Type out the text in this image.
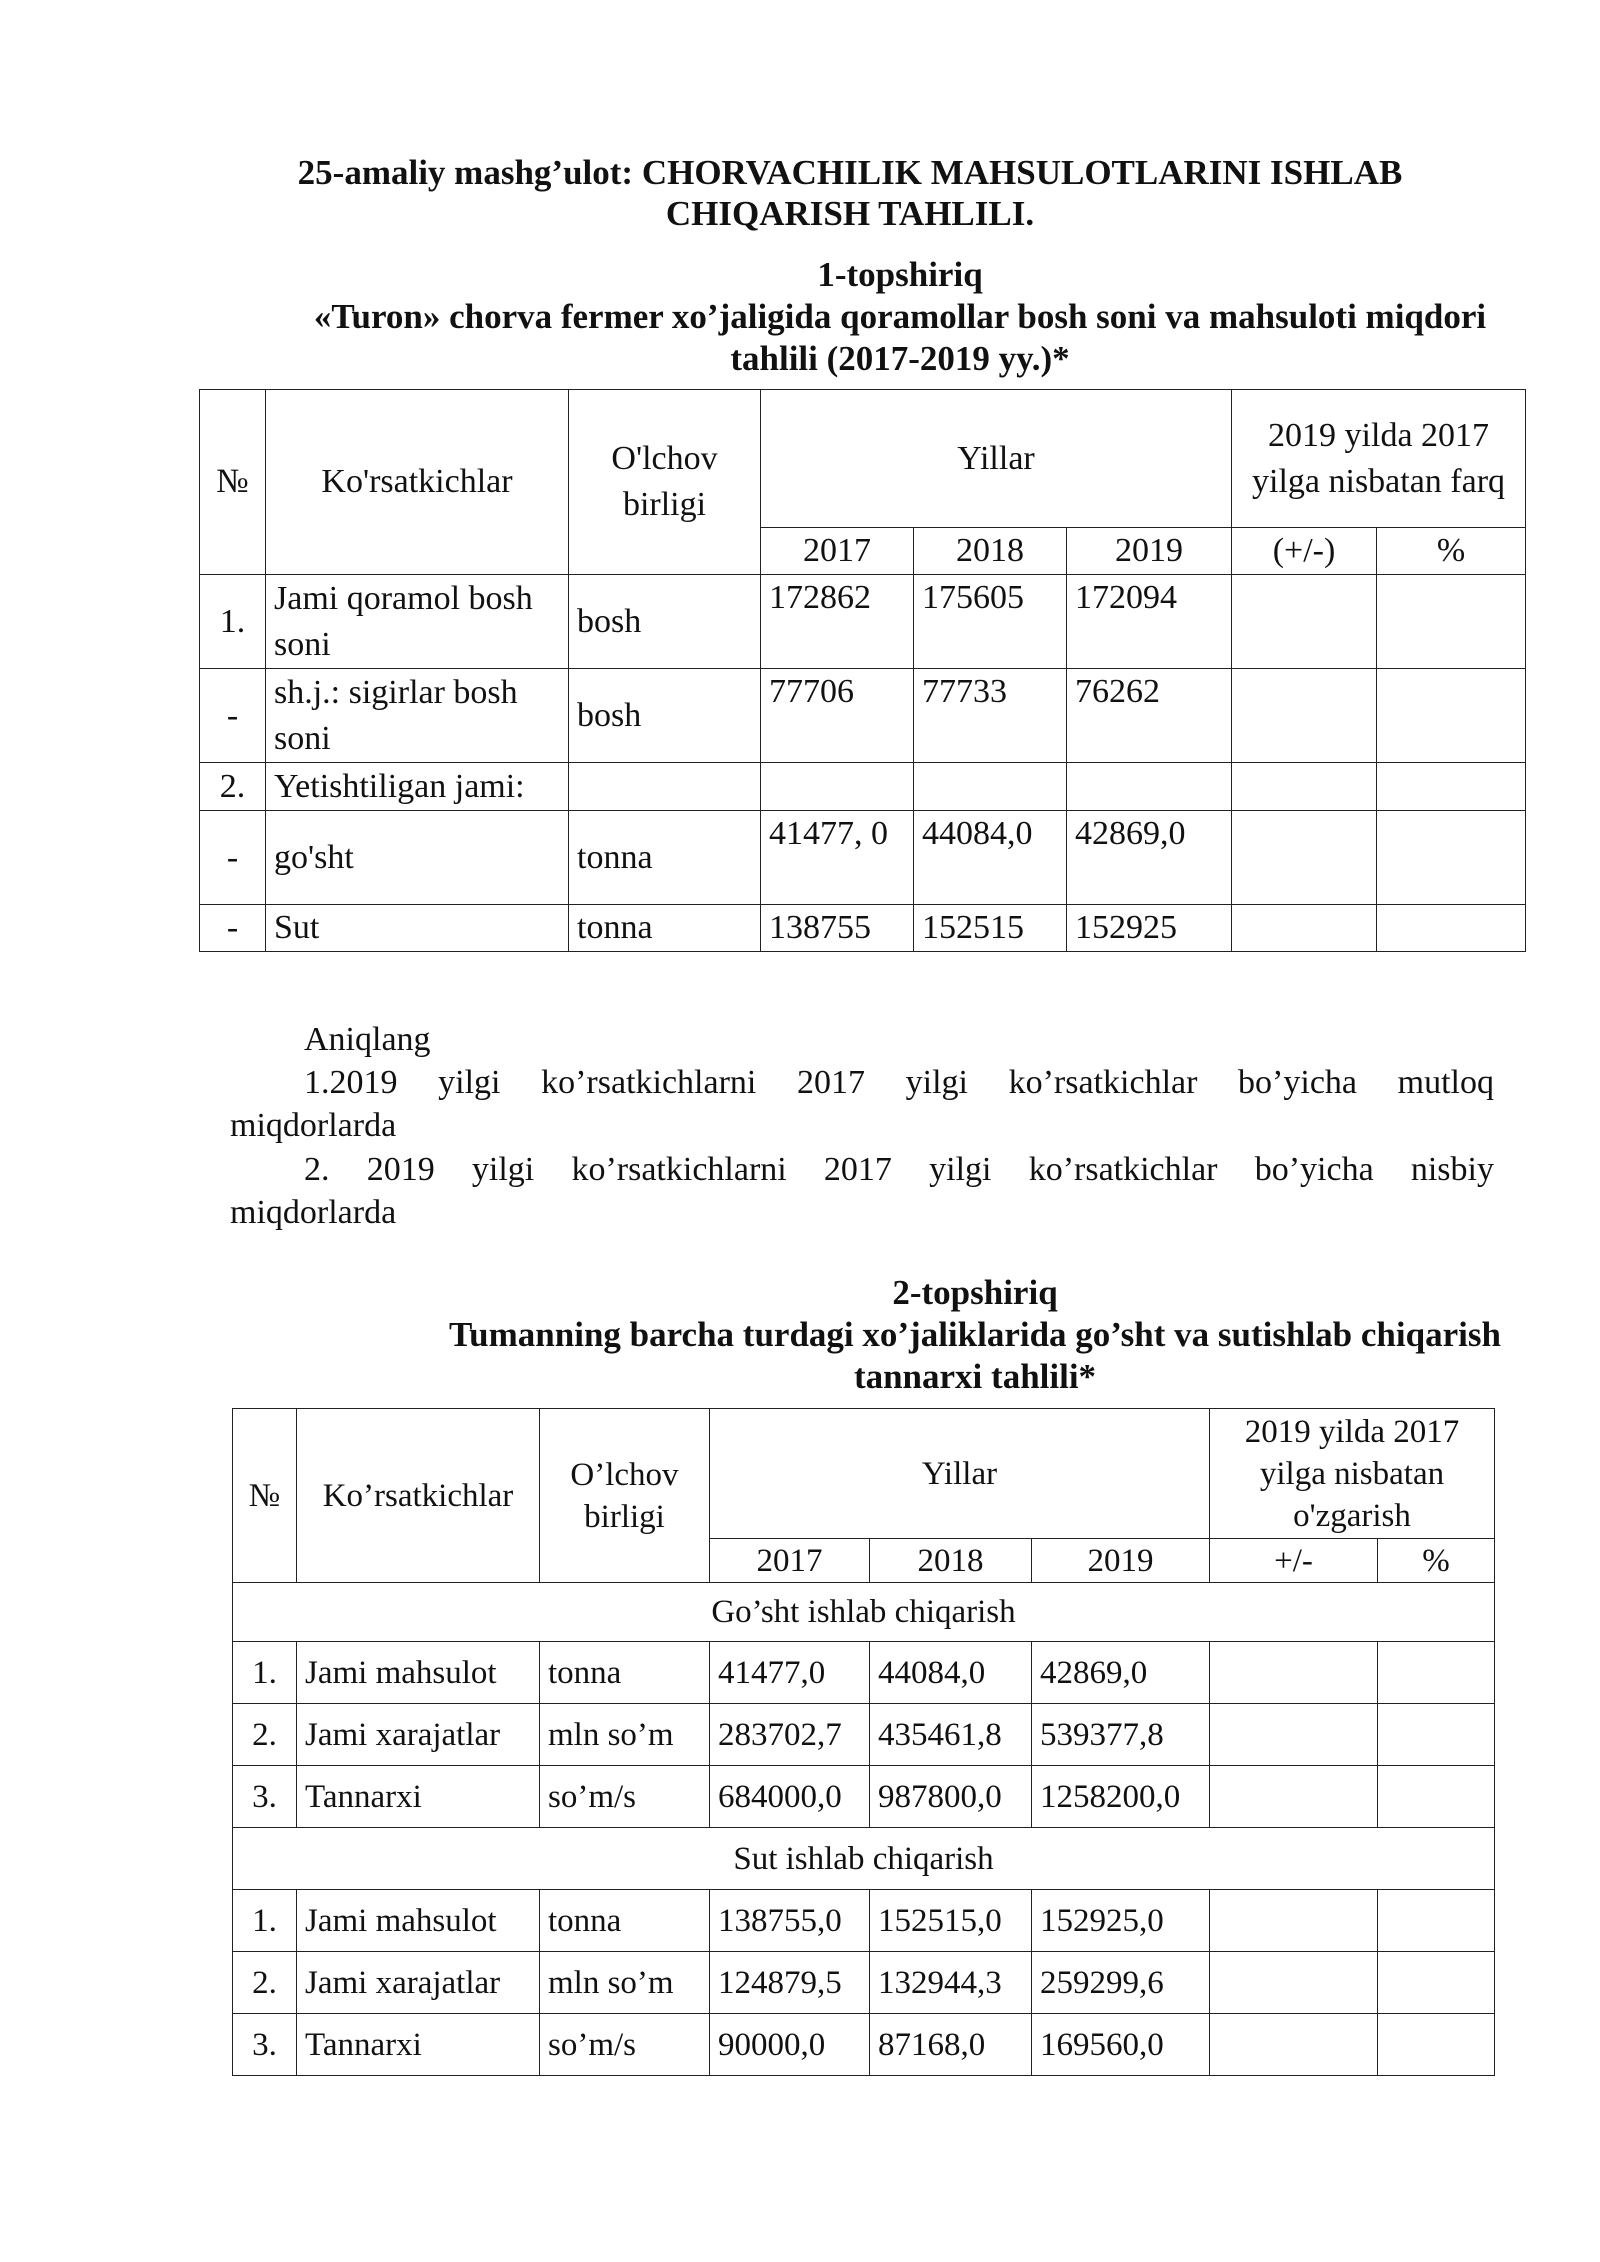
25-amaliy mashg’ulot: CHORVACHILIK MAHSULOTLARINI ISHLAB CHIQARISH TAHLILI.
1-topshiriq
«Turon» chorva fermer xo’jaligida qoramollar bosh soni va mahsuloti miqdori tahlili (2017-2019 yy.)*
№	Ko'rsatkichlar	O'lchov birligi	Yillar			2019 yilda 2017 yilga nisbatan farq	
			2017	2018	2019	(+/-)	%
1.	Jami qoramol bosh soni	bosh	172862	175605	172094		
-	sh.j.: sigirlar bosh soni	bosh	77706	77733	76262		
2.	Yetishtiligan jami:						
-	go'sht	tonna	41477, 0	44084,0	42869,0		
-	Sut	tonna	138755	152515	152925		
Aniqlang
1.2019 yilgi ko’rsatkichlarni 2017 yilgi ko’rsatkichlar bo’yicha mutloq
miqdorlarda
2. 2019 yilgi ko’rsatkichlarni 2017 yilgi ko’rsatkichlar bo’yicha nisbiy
miqdorlarda
2-topshiriq
Tumanning barcha turdagi xo’jaliklarida go’sht va sutishlab chiqarish tannarxi tahlili*
№	Ko’rsatkichlar	O’lchov birligi	Yillar			2019 yilda 2017 yilga nisbatan o'zgarish	
			2017	2018	2019	+/-	%
Go’sht ishlab chiqarish							
1.	Jami mahsulot	tonna	41477,0	44084,0	42869,0		
2.	Jami xarajatlar	mln so’m	283702,7	435461,8	539377,8		
3.	Tannarxi	so’m/s	684000,0	987800,0	1258200,0		
Sut ishlab chiqarish							
1.	Jami mahsulot	tonna	138755,0	152515,0	152925,0		
2.	Jami xarajatlar	mln so’m	124879,5	132944,3	259299,6		
3.	Tannarxi	so’m/s	90000,0	87168,0	169560,0		
